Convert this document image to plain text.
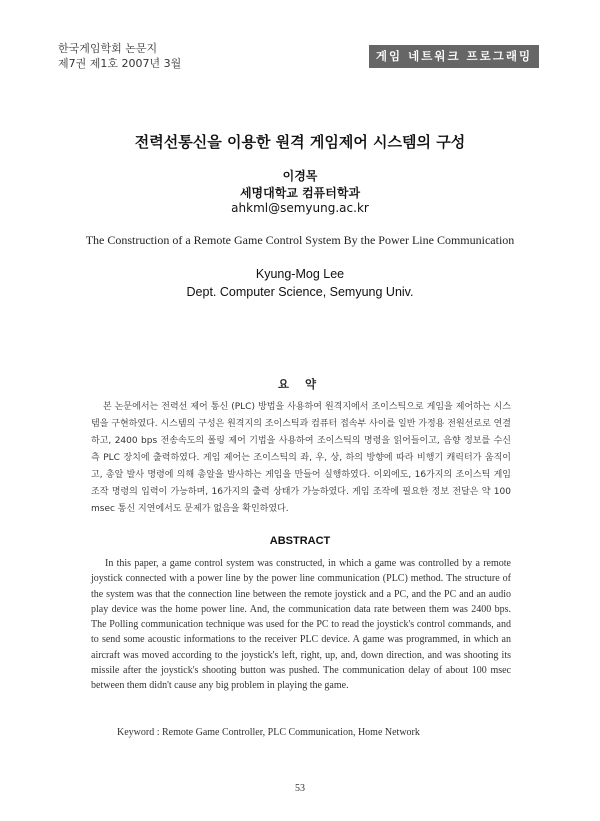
한국게임학회 논문지
제7권 제1호 2007년 3월
게임 네트워크 프로그래밍
전력선통신을 이용한 원격 게임제어 시스템의 구성
이경목
세명대학교 컴퓨터학과
ahkml@semyung.ac.kr
The Construction of a Remote Game Control System By the Power Line Communication
Kyung-Mog Lee
Dept. Computer Science, Semyung Univ.
요 약

본 논문에서는 전력선 제어 통신 (PLC) 방법을 사용하여 원격지에서 조이스틱으로 게임을 제어하는 시스템을 구현하였다. 시스템의 구성은 원격지의 조이스틱과 컴퓨터 접속부 사이를 일반 가정용 전원선로로 연결하고, 2400 bps 전송속도의 폴링 제어 기법을 사용하여 조이스틱의 명령을 읽어들이고, 음향 정보를 수신측 PLC 장치에 출력하였다. 게임 제어는 조이스틱의 좌, 우, 상, 하의 방향에 따라 비행기 캐릭터가 움직이고, 총알 발사 명령에 의해 총알을 발사하는 게임을 만들어 실행하였다. 이외에도, 16가지의 조이스틱 게임 조작 명령의 입력이 가능하며, 16가지의 출력 상태가 가능하였다. 게임 조작에 필요한 정보 전달은 약 100 msec 통신 지연에서도 문제가 없음을 확인하였다.

ABSTRACT

In this paper, a game control system was constructed, in which a game was controlled by a remote joystick connected with a power line by the power line communication (PLC) method. The structure of the system was that the connection line between the remote joystick and a PC, and the PC and an audio play device was the home power line. And, the communication data rate between them was 2400 bps. The Polling communication technique was used for the PC to read the joystick's control commands, and to send some acoustic informations to the receiver PLC device. A game was programmed, in which an aircraft was moved according to the joystick's left, right, up, and, down direction, and was shooting its missile after the joystick's shooting button was pushed. The communication delay of about 100 msec between them didn't cause any big problem in playing the game.

Keyword : Remote Game Controller, PLC Communication, Home Network
53
